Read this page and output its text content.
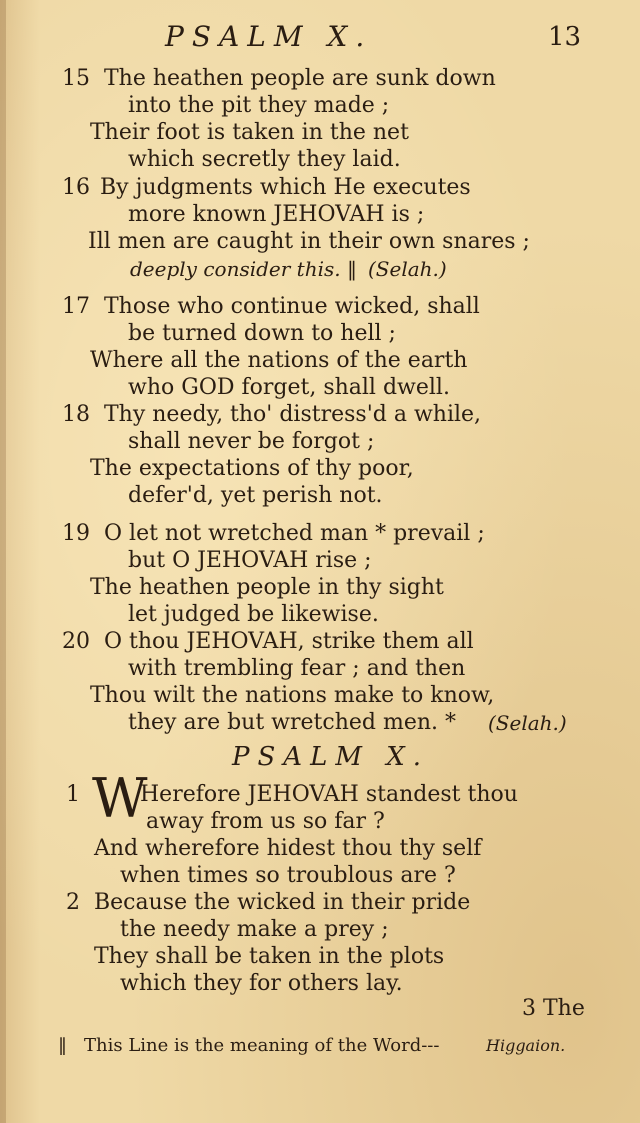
PSALM X.	13
15 The heathen people are sunk down
into the pit they made ;
Their foot is taken in the net
which secretly they laid.
16 By judgments which He executes
more known JEHOVAH is ;
Ill men are caught in their own snares ;
deeply consider this. ‖ (Selah.)
17 Those who continue wicked, shall
be turned down to hell ;
Where all the nations of the earth
who GOD forget, shall dwell.
18 Thy needy, tho' distress'd a while,
shall never be forgot ;
The expectations of thy poor,
defer'd, yet perish not.
19 O let not wretched man * prevail ;
but O JEHOVAH rise ;
The heathen people in thy sight
let judged be likewise.
20 O thou JEHOVAH, strike them all
with trembling fear ; and then
Thou wilt the nations make to know,
they are but wretched men. * (Selah.)
PSALM X.
1 W
Herefore JEHOVAH standest thou
away from us so far ?
And wherefore hidest thou thy self
when times so troublous are ?
2 Because the wicked in their pride
the needy make a prey ;
They shall be taken in the plots
which they for others lay.
3 The
‖ This Line is the meaning of the Word---	Higgaion.
